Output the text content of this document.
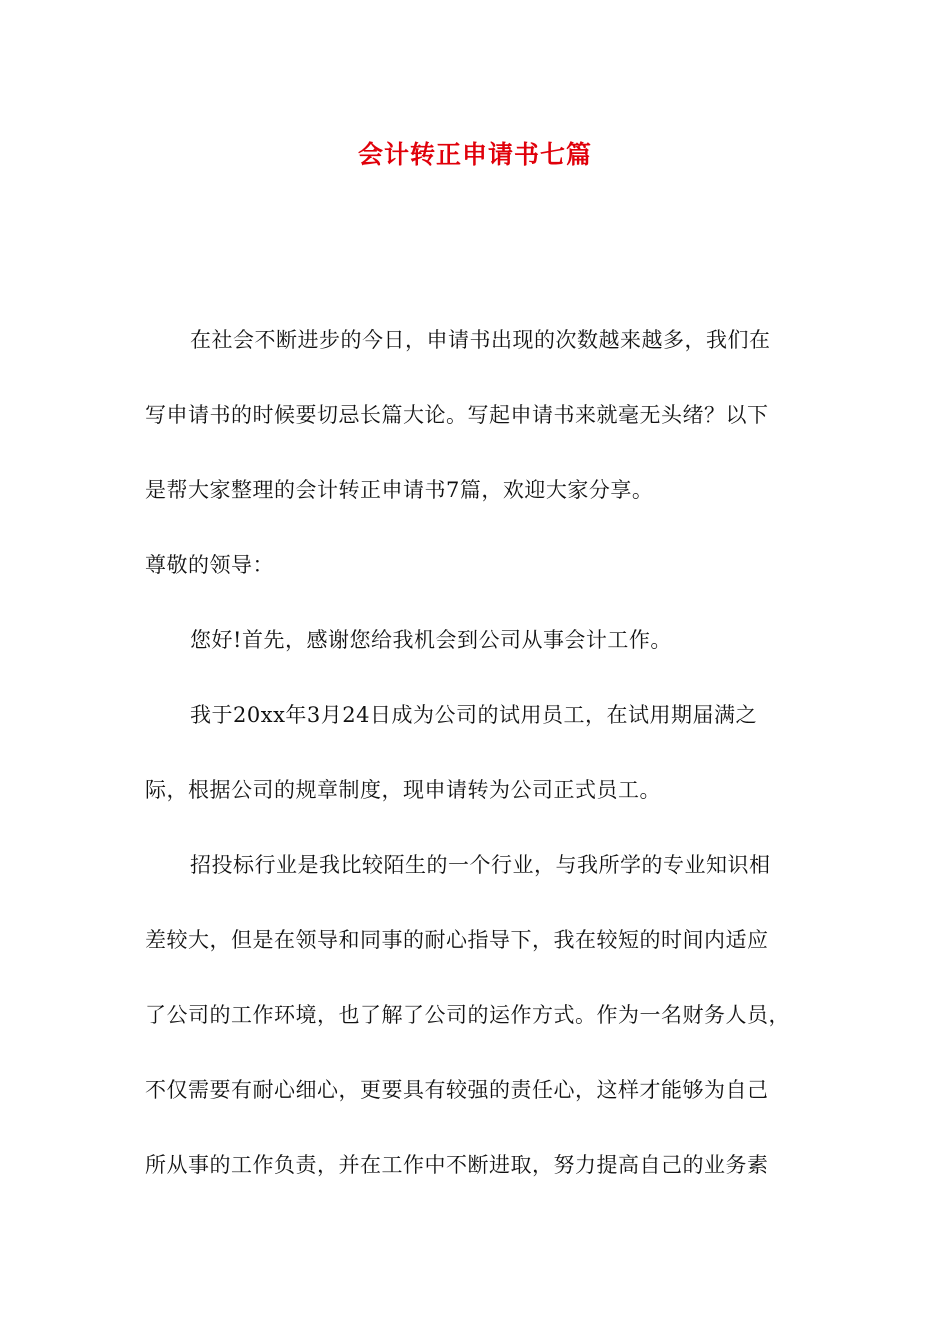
会计转正申请书七篇
在社会不断进步的今日，申请书出现的次数越来越多，我们在
写申请书的时候要切忌长篇大论。写起申请书来就毫无头绪？以下
是帮大家整理的会计转正申请书7篇，欢迎大家分享。
尊敬的领导：
您好!首先，感谢您给我机会到公司从事会计工作。
我于20xx年3月24日成为公司的试用员工，在试用期届满之
际，根据公司的规章制度，现申请转为公司正式员工。
招投标行业是我比较陌生的一个行业，与我所学的专业知识相
差较大，但是在领导和同事的耐心指导下，我在较短的时间内适应
了公司的工作环境，也了解了公司的运作方式。作为一名财务人员，
不仅需要有耐心细心，更要具有较强的责任心，这样才能够为自己
所从事的工作负责，并在工作中不断进取，努力提高自己的业务素
